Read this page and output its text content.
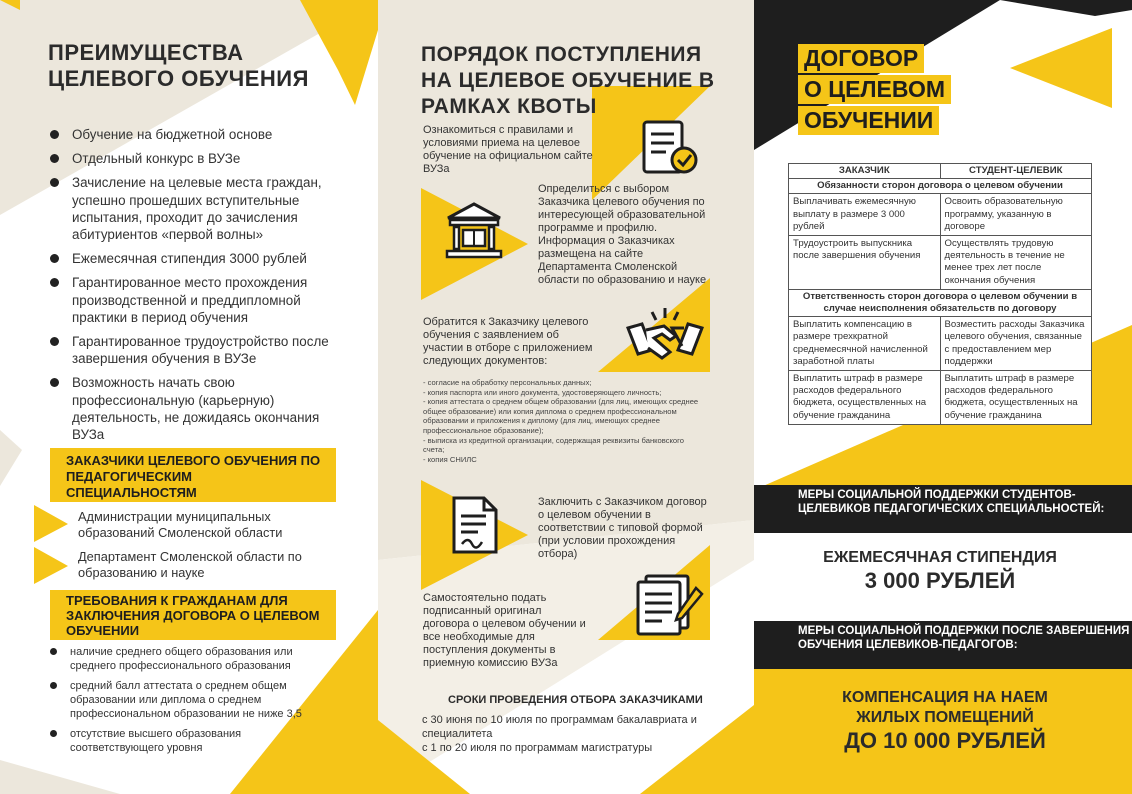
ПРЕИМУЩЕСТВА ЦЕЛЕВОГО ОБУЧЕНИЯ
Обучение на бюджетной основе
Отдельный конкурс в ВУЗе
Зачисление на целевые места граждан, успешно прошедших вступительные испытания, проходит до зачисления абитуриентов «первой волны»
Ежемесячная стипендия 3000 рублей
Гарантированное место прохождения производственной и преддипломной практики в период обучения
Гарантированное трудоустройство после завершения обучения в ВУЗе
Возможность начать свою профессиональную (карьерную) деятельность, не дожидаясь окончания ВУЗа
ЗАКАЗЧИКИ ЦЕЛЕВОГО ОБУЧЕНИЯ ПО ПЕДАГОГИЧЕСКИМ СПЕЦИАЛЬНОСТЯМ
Администрации муниципальных образований Смоленской области
Департамент Смоленской области по образованию и науке
ТРЕБОВАНИЯ К ГРАЖДАНАМ ДЛЯ ЗАКЛЮЧЕНИЯ ДОГОВОРА О ЦЕЛЕВОМ ОБУЧЕНИИ
наличие среднего общего образования или среднего профессионального образования
средний балл аттестата о среднем общем образовании или диплома о среднем профессиональном образовании не ниже 3,5
отсутствие высшего образования соответствующего уровня
ПОРЯДОК ПОСТУПЛЕНИЯ НА ЦЕЛЕВОЕ ОБУЧЕНИЕ В РАМКАХ КВОТЫ
Ознакомиться с правилами и условиями приема на целевое обучение на официальном сайте ВУЗа
Определиться с выбором Заказчика целевого обучения по интересующей образовательной программе и профилю. Информация о Заказчиках размещена на сайте Департамента Смоленской области по образованию и науке
Обратится к Заказчику целевого обучения с заявлением об участии в отборе с приложением следующих документов:
- согласие на обработку персональных данных;
- копия паспорта или иного документа, удостоверяющего личность;
- копия аттестата о среднем общем образовании (для лиц, имеющих среднее общее образование) или копия диплома о среднем профессиональном образовании и приложения к диплому (для лиц, имеющих среднее профессиональное образование);
- выписка из кредитной организации, содержащая реквизиты банковского счета;
- копия СНИЛС
Заключить с Заказчиком договор о целевом обучении в соответствии с типовой формой (при условии прохождения отбора)
Самостоятельно подать подписанный оригинал договора о целевом обучении и все необходимые для поступления документы в приемную комиссию ВУЗа
СРОКИ ПРОВЕДЕНИЯ ОТБОРА ЗАКАЗЧИКАМИ
с 30 июня по 10 июля по программам бакалавриата и специалитета
с 1 по 20 июля по программам магистратуры
ДОГОВОР
О ЦЕЛЕВОМ
ОБУЧЕНИИ
ЗАКАЗЧИК	СТУДЕНТ-ЦЕЛЕВИК
Обязанности сторон договора о целевом обучении	
Выплачивать ежемесячную выплату в размере 3 000 рублей	Освоить образовательную программу, указанную в договоре
Трудоустроить выпускника после завершения обучения	Осуществлять трудовую деятельность в течение не менее трех лет после окончания обучения
Ответственность сторон договора о целевом обучении в случае неисполнения обязательств по договору	
Выплатить компенсацию в размере трехкратной среднемесячной начисленной заработной платы	Возместить расходы Заказчика целевого обучения, связанные с предоставлением мер поддержки
Выплатить штраф в размере расходов федерального бюджета, осуществленных на обучение гражданина	Выплатить штраф в размере расходов федерального бюджета, осуществленных на обучение гражданина
МЕРЫ СОЦИАЛЬНОЙ ПОДДЕРЖКИ СТУДЕНТОВ-ЦЕЛЕВИКОВ ПЕДАГОГИЧЕСКИХ СПЕЦИАЛЬНОСТЕЙ:
ЕЖЕМЕСЯЧНАЯ СТИПЕНДИЯ
3 000 РУБЛЕЙ
МЕРЫ СОЦИАЛЬНОЙ ПОДДЕРЖКИ ПОСЛЕ ЗАВЕРШЕНИЯ ОБУЧЕНИЯ ЦЕЛЕВИКОВ-ПЕДАГОГОВ:
КОМПЕНСАЦИЯ НА НАЕМ
ЖИЛЫХ ПОМЕЩЕНИЙ
ДО 10 000 РУБЛЕЙ
